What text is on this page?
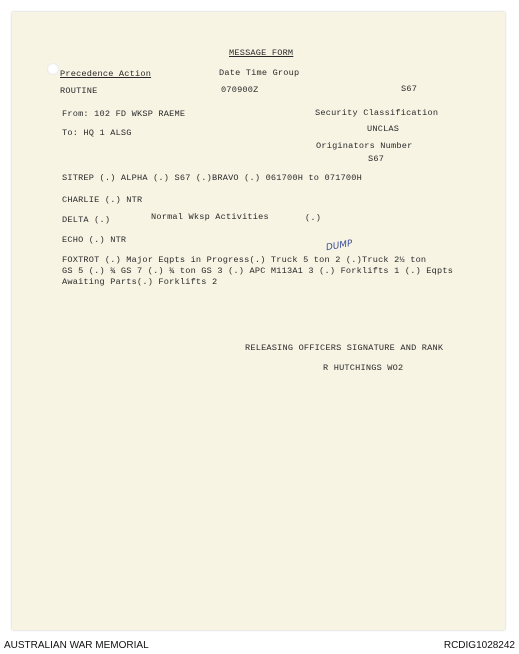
MESSAGE FORM
Precedence Action	Date Time Group
ROUTINE	070900Z	S67
From: 102 FD WKSP RAEME	Security Classification
To: HQ 1 ALSG	UNCLAS
Originators Number
S67
SITREP (.) ALPHA (.) S67 (.)BRAVO (.) 061700H to 071700H
CHARLIE (.) NTR
DELTA (.)	Normal Wksp Activities	(.)
ECHO (.) NTR	DUMP
FOXTROT (.) Major Eqpts in Progress(.) Truck 5 ton 2 (.)Truck 2½ ton
GS 5 (.) ¾ GS 7 (.) ¾ ton GS 3 (.) APC M113A1 3 (.) Forklifts 1 (.) Eqpts
Awaiting Parts(.) Forklifts 2
RELEASING OFFICERS SIGNATURE AND RANK
R HUTCHINGS WO2
AUSTRALIAN WAR MEMORIAL	RCDIG1028242
